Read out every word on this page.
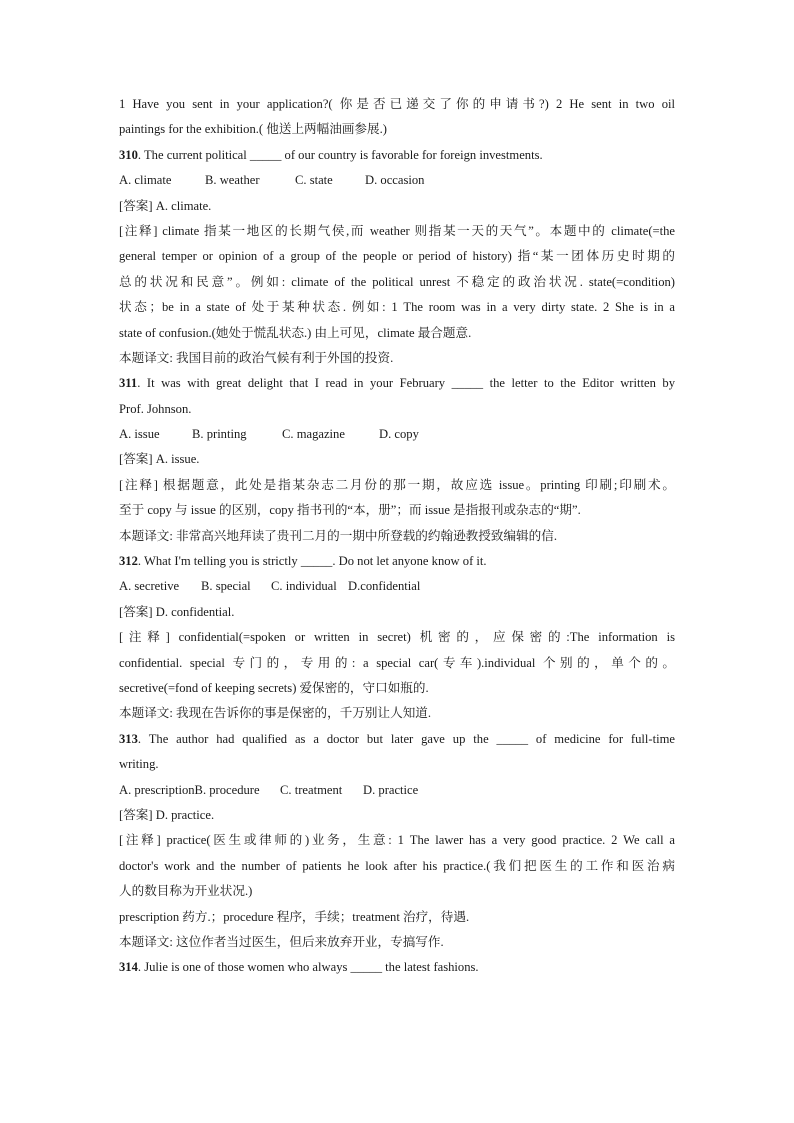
1 Have you sent in your application?( 你是否已递交了你的申请书?) 2 He sent in two oil
paintings for the exhibition.( 他送上两幅油画参展.)
310. The current political _____ of our country is favorable for foreign investments.
A. climate	B. weather	C. state	D. occasion
[答案] A. climate.
[注释] climate 指某一地区的长期气侯,而 weather 则指某一天的天气”。本题中的 climate(=the
general temper or opinion of a group of the people or period of history) 指“某一团体历史时期的
总的状况和民意”。例如: climate of the political unrest 不稳定的政治状况. state(=condition)
状态；be in a state of 处于某种状态. 例如: 1 The room was in a very dirty state. 2 She is in a
state of confusion.(她处于慌乱状态.) 由上可见，climate 最合题意.
本题译文: 我国目前的政治气候有利于外国的投资.
311. It was with great delight that I read in your February _____ the letter to the Editor written by
Prof. Johnson.
A. issue	B. printing	C. magazine	D. copy
[答案] A. issue.
[注释] 根据题意，此处是指某杂志二月份的那一期，故应选 issue。printing 印刷;印刷术。
至于 copy 与 issue 的区别，copy 指书刊的“本，册”；而 issue 是指报刊或杂志的“期”.
本题译文: 非常高兴地拜读了贵刊二月的一期中所登载的约翰逊教授致编辑的信.
312. What I'm telling you is strictly _____. Do not let anyone know of it.
A. secretive B. special C. individual D.confidential
[答案] D. confidential.
[注释] confidential(=spoken or written in secret) 机密的，应保密的:The information is
confidential. special 专门的，专用的: a special car(专车).individual 个别的，单个的。
secretive(=fond of keeping secrets) 爱保密的，守口如瓶的.
本题译文: 我现在告诉你的事是保密的，千万别让人知道.
313. The author had qualified as a doctor but later gave up the _____ of medicine for full-time
writing.
A. prescriptionB. procedure C. treatment D. practice
[答案] D. practice.
[注释] practice(医生或律师的)业务，生意: 1 The lawer has a very good practice. 2 We call a
doctor's work and the number of patients he look after his practice.(我们把医生的工作和医治病
人的数目称为开业状况.)
prescription 药方.；procedure 程序，手续；treatment 治疗，待遇.
本题译文: 这位作者当过医生，但后来放弃开业，专搞写作.
314. Julie is one of those women who always _____ the latest fashions.
